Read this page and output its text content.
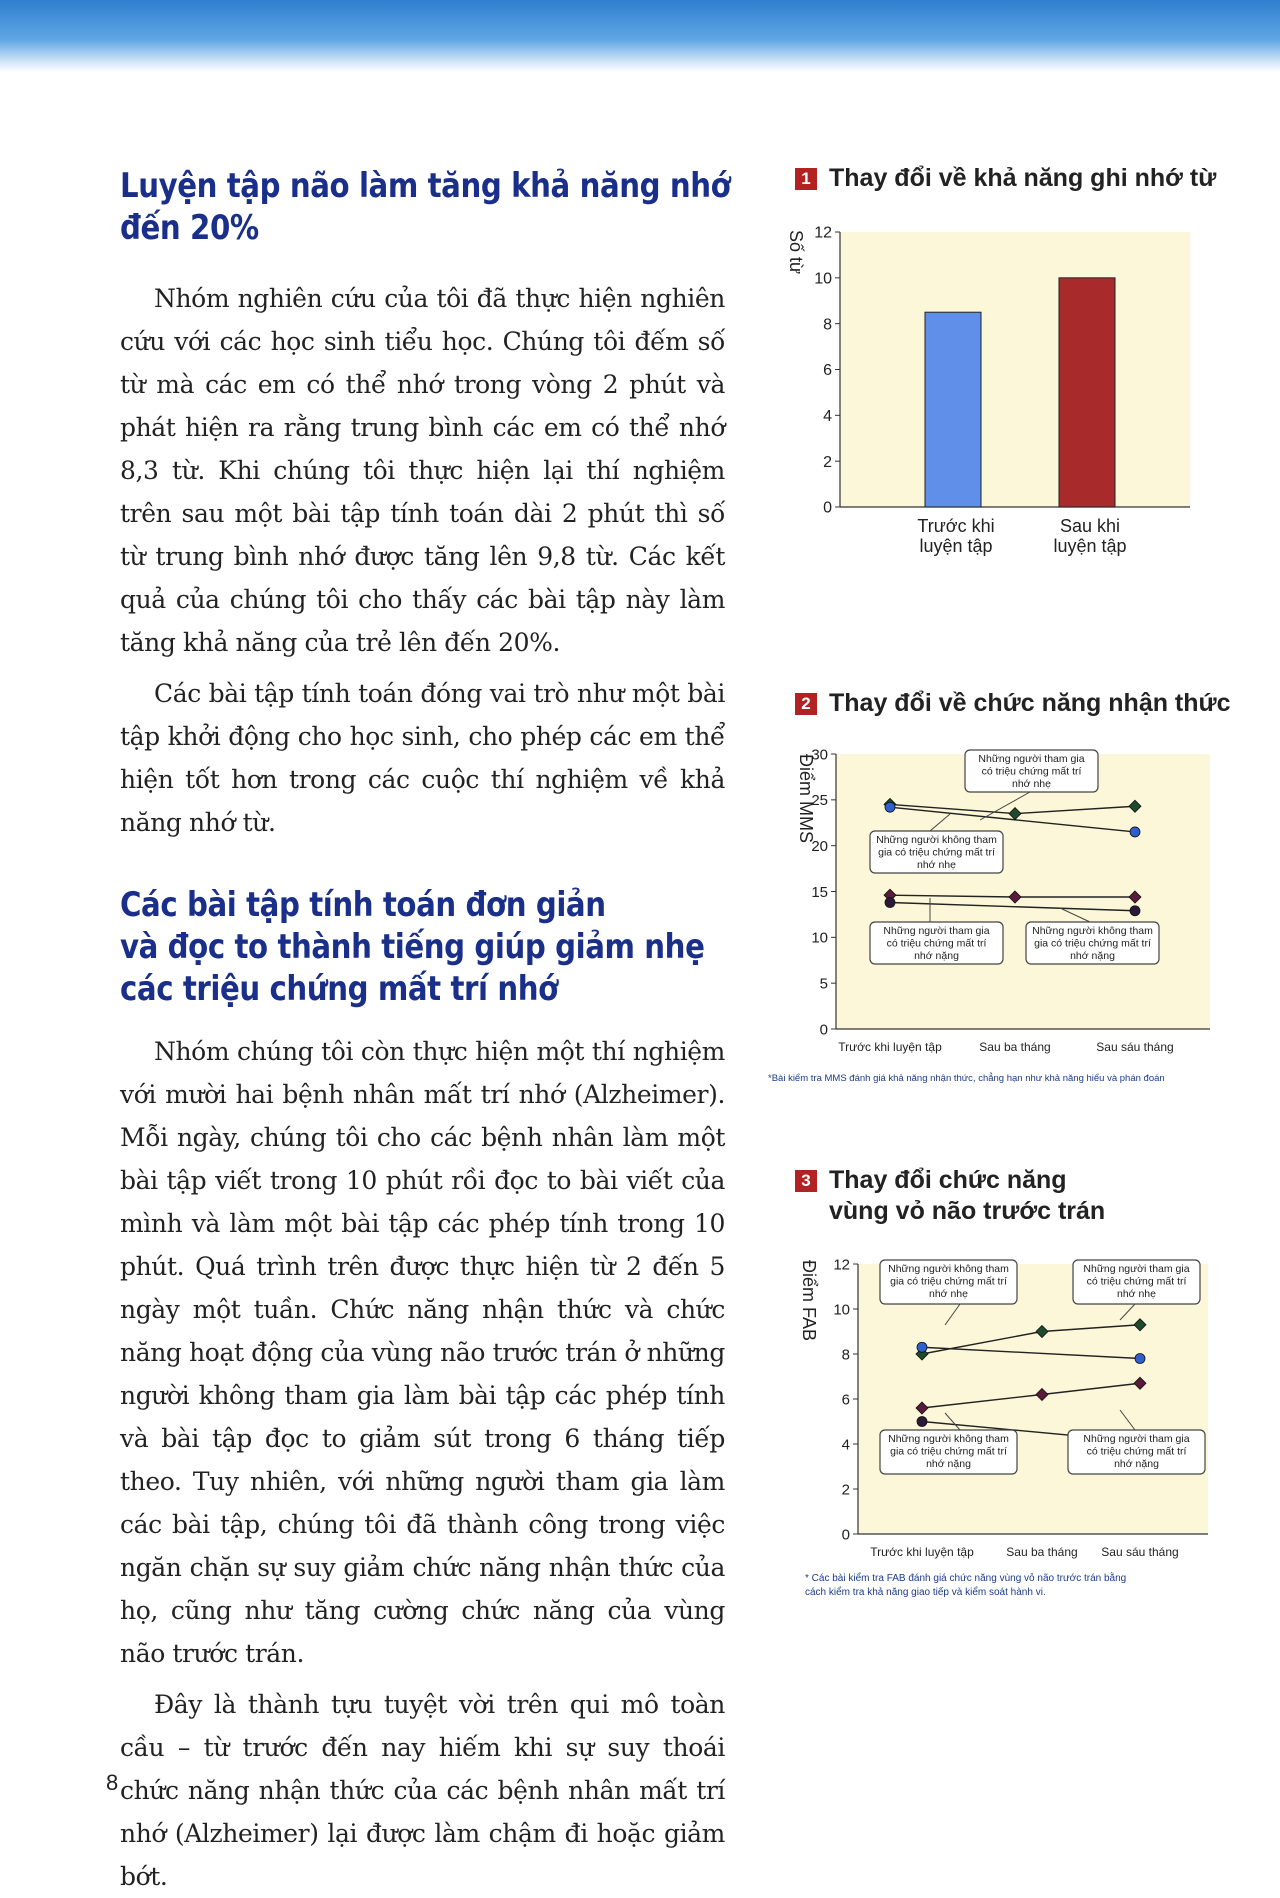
Luyện tập não làm tăng khả năng nhớ
đến 20%

Nhóm nghiên cứu của tôi đã thực hiện nghiên cứu với các học sinh tiểu học. Chúng tôi đếm số từ mà các em có thể nhớ trong vòng 2 phút và phát hiện ra rằng trung bình các em có thể nhớ 8,3 từ. Khi chúng tôi thực hiện lại thí nghiệm trên sau một bài tập tính toán dài 2 phút thì số từ trung bình nhớ được tăng lên 9,8 từ. Các kết quả của chúng tôi cho thấy các bài tập này làm tăng khả năng của trẻ lên đến 20%.

Các bài tập tính toán đóng vai trò như một bài tập khởi động cho học sinh, cho phép các em thể hiện tốt hơn trong các cuộc thí nghiệm về khả năng nhớ từ.

Các bài tập tính toán đơn giản
và đọc to thành tiếng giúp giảm nhẹ
các triệu chứng mất trí nhớ

Nhóm chúng tôi còn thực hiện một thí nghiệm với mười hai bệnh nhân mất trí nhớ (Alzheimer). Mỗi ngày, chúng tôi cho các bệnh nhân làm một bài tập viết trong 10 phút rồi đọc to bài viết của mình và làm một bài tập các phép tính trong 10 phút. Quá trình trên được thực hiện từ 2 đến 5 ngày một tuần. Chức năng nhận thức và chức năng hoạt động của vùng não trước trán ở những người không tham gia làm bài tập các phép tính và bài tập đọc to giảm sút trong 6 tháng tiếp theo. Tuy nhiên, với những người tham gia làm các bài tập, chúng tôi đã thành công trong việc ngăn chặn sự suy giảm chức năng nhận thức của họ, cũng như tăng cường chức năng của vùng não trước trán.

Đây là thành tựu tuyệt vời trên qui mô toàn cầu – từ trước đến nay hiếm khi sự suy thoái chức năng nhận thức của các bệnh nhân mất trí nhớ (Alzheimer) lại được làm chậm đi hoặc giảm bớt.

8
1 Thay đổi về khả năng ghi nhớ từ
0
2
4
6
8
10
12
Số từ
Trước khi
luyện tập
Sau khi
luyện tập
2 Thay đổi về chức năng nhận thức
0
5
10
15
20
25
30
Điểm MMS
Trước khi luyện tập	Sau ba tháng	Sau sáu tháng
Những người tham gia
có triệu chứng mất trí
nhớ nhẹ
Những người không tham
gia có triệu chứng mất trí
nhớ nhẹ
Những người tham gia
có triệu chứng mất trí
nhớ nặng
Những người không tham
gia có triệu chứng mất trí
nhớ nặng
*Bài kiểm tra MMS đánh giá khả năng nhận thức, chẳng hạn như khả năng hiểu và phán đoán
3 Thay đổi chức năng
vùng vỏ não trước trán
0
2
4
6
8
10
12
Điểm FAB
Trước khi luyện tập	Sau ba tháng Sau sáu tháng
Những người không tham
gia có triệu chứng mất trí
nhớ nhẹ
Những người tham gia
có triệu chứng mất trí
nhớ nhẹ
Những người không tham
gia có triệu chứng mất trí
nhớ nặng
Những người tham gia
có triệu chứng mất trí
nhớ nặng
* Các bài kiểm tra FAB đánh giá chức năng vùng vỏ não trước trán bằng
cách kiểm tra khả năng giao tiếp và kiểm soát hành vi.
